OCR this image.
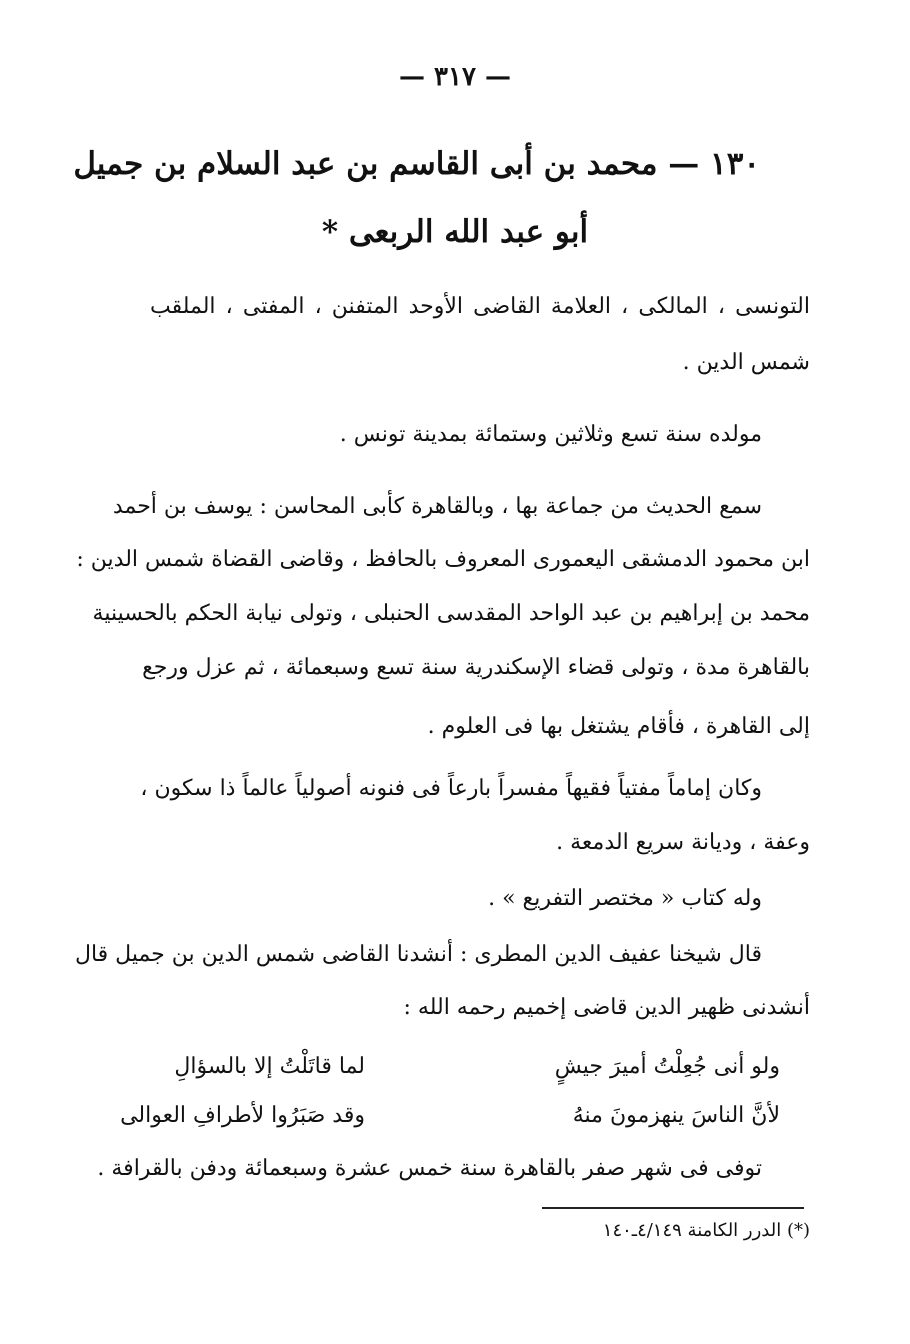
— ٣١٧ —
١٣٠ — محمد بن أبى القاسم بن عبد السلام بن جميل
أبو عبد الله الربعى *
التونسى ، المالكى ، العلامة القاضى الأوحد المتفنن ، المفتى ، الملقب
شمس الدين .
مولده سنة تسع وثلاثين وستمائة بمدينة تونس .
سمع الحديث من جماعة بها ، وبالقاهرة كأبى المحاسن : يوسف بن أحمد
ابن محمود الدمشقى اليعمورى المعروف بالحافظ ، وقاضى القضاة شمس الدين :
محمد بن إبراهيم بن عبد الواحد المقدسى الحنبلى ، وتولى نيابة الحكم بالحسينية
بالقاهرة مدة ، وتولى قضاء الإسكندرية سنة تسع وسبعمائة ، ثم عزل ورجع
إلى القاهرة ، فأقام يشتغل بها فى العلوم .
وكان إماماً مفتياً فقيهاً مفسراً بارعاً فى فنونه أصولياً عالماً ذا سكون ،
وعفة ، وديانة سريع الدمعة .
وله كتاب « مختصر التفريع » .
قال شيخنا عفيف الدين المطرى : أنشدنا القاضى شمس الدين بن جميل قال
أنشدنى ظهير الدين قاضى إخميم رحمه الله :
ولو أنى جُعِلْتُ أميرَ جيشٍ
لما قاتَلْتُ إلا بالسؤالِ
لأنَّ الناسَ ينهزمونَ منهُ
وقد صَبَرُوا لأطرافِ العوالى
توفى فى شهر صفر بالقاهرة سنة خمس عشرة وسبعمائة ودفن بالقرافة .
(*) الدرر الكامنة ٤/١٤٩ـ١٤٠
